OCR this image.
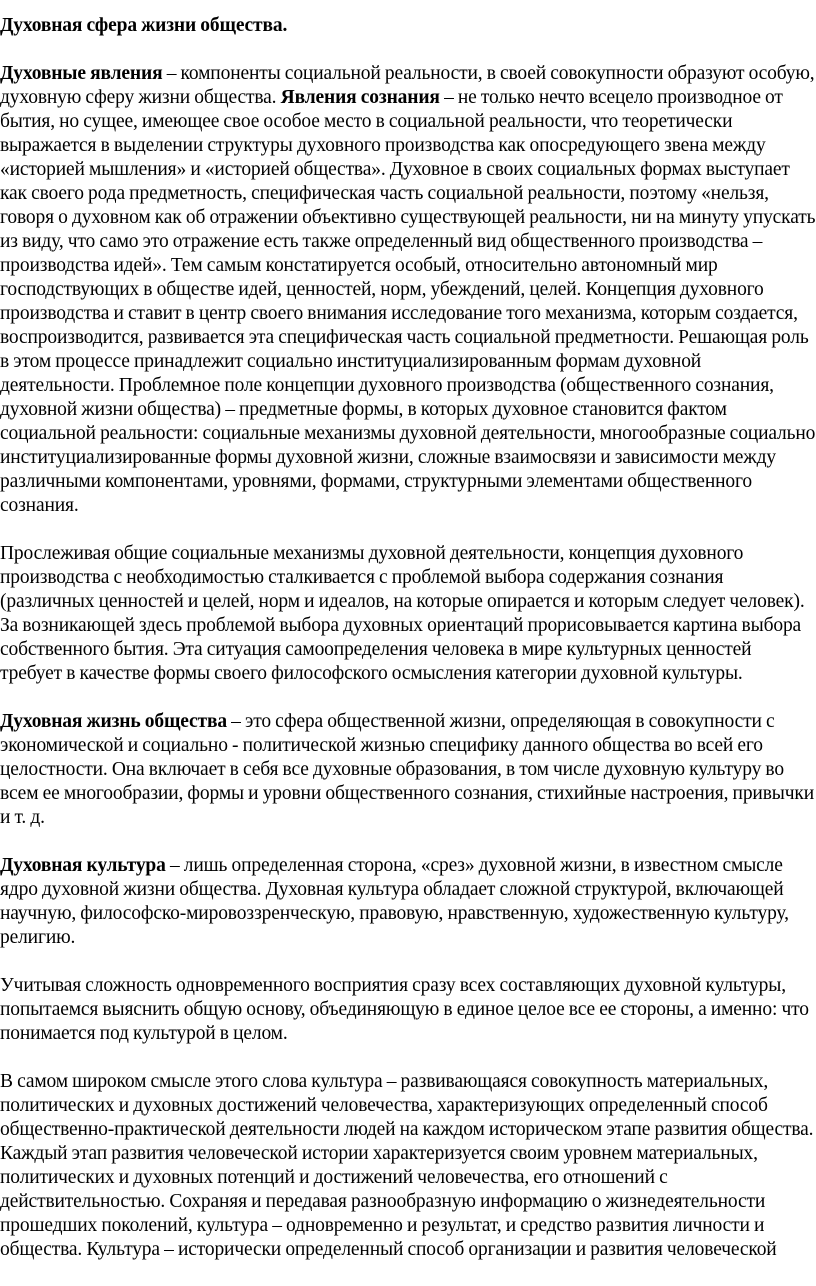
Духовная сфера жизни общества.

Духовные явления – компоненты социальной реальности, в своей совокупности образуют особую, духовную сферу жизни общества. Явления сознания – не только нечто всецело производное от бытия, но сущее, имеющее свое особое место в социальной реальности, что теоретически выражается в выделении структуры духовного производства как опосредующего звена между «историей мышления» и «историей общества». Духовное в своих социальных формах выступает как своего рода предметность, специфическая часть социальной реальности, поэтому «нельзя, говоря о духовном как об отражении объективно существующей реальности, ни на минуту упускать из виду, что само это отражение есть также определенный вид общественного производства – производства идей». Тем самым констатируется особый, относительно автономный мир господствующих в обществе идей, ценностей, норм, убеждений, целей. Концепция духовного производства и ставит в центр своего внимания исследование того механизма, которым создается, воспроизводится, развивается эта специфическая часть социальной предметности. Решающая роль в этом процессе принадлежит социально институциализированным формам духовной деятельности. Проблемное поле концепции духовного производства (общественного сознания, духовной жизни общества) – предметные формы, в которых духовное становится фактом социальной реальности: социальные механизмы духовной деятельности, многообразные социально институциализированные формы духовной жизни, сложные взаимосвязи и зависимости между различными компонентами, уровнями, формами, структурными элементами общественного сознания.

Прослеживая общие социальные механизмы духовной деятельности, концепция духовного производства с необходимостью сталкивается с проблемой выбора содержания сознания (различных ценностей и целей, норм и идеалов, на которые опирается и которым следует человек). За возникающей здесь проблемой выбора духовных ориентаций прорисовывается картина выбора собственного бытия. Эта ситуация самоопределения человека в мире культурных ценностей требует в качестве формы своего философского осмысления категории духовной культуры.

Духовная жизнь общества – это сфера общественной жизни, определяющая в совокупности с экономической и социально - политической жизнью специфику данного общества во всей его целостности. Она включает в себя все духовные образования, в том числе духовную культуру во всем ее многообразии, формы и уровни общественного сознания, стихийные настроения, привычки и т. д.

Духовная культура – лишь определенная сторона, «срез» духовной жизни, в известном смысле ядро духовной жизни общества. Духовная культура обладает сложной структурой, включающей научную, философско-мировоззренческую, правовую, нравственную, художественную культуру, религию.

Учитывая сложность одновременного восприятия сразу всех составляющих духовной культуры, попытаемся выяснить общую основу, объединяющую в единое целое все ее стороны, а именно: что понимается под культурой в целом.

В самом широком смысле этого слова культура – развивающаяся совокупность материальных, политических и духовных достижений человечества, характеризующих определенный способ общественно-практической деятельности людей на каждом историческом этапе развития общества. Каждый этап развития человеческой истории характеризуется своим уровнем материальных, политических и духовных потенций и достижений человечества, его отношений с действительностью. Сохраняя и передавая разнообразную информацию о жизнедеятельности прошедших поколений, культура – одновременно и результат, и средство развития личности и общества. Культура – исторически определенный способ организации и развития человеческой
